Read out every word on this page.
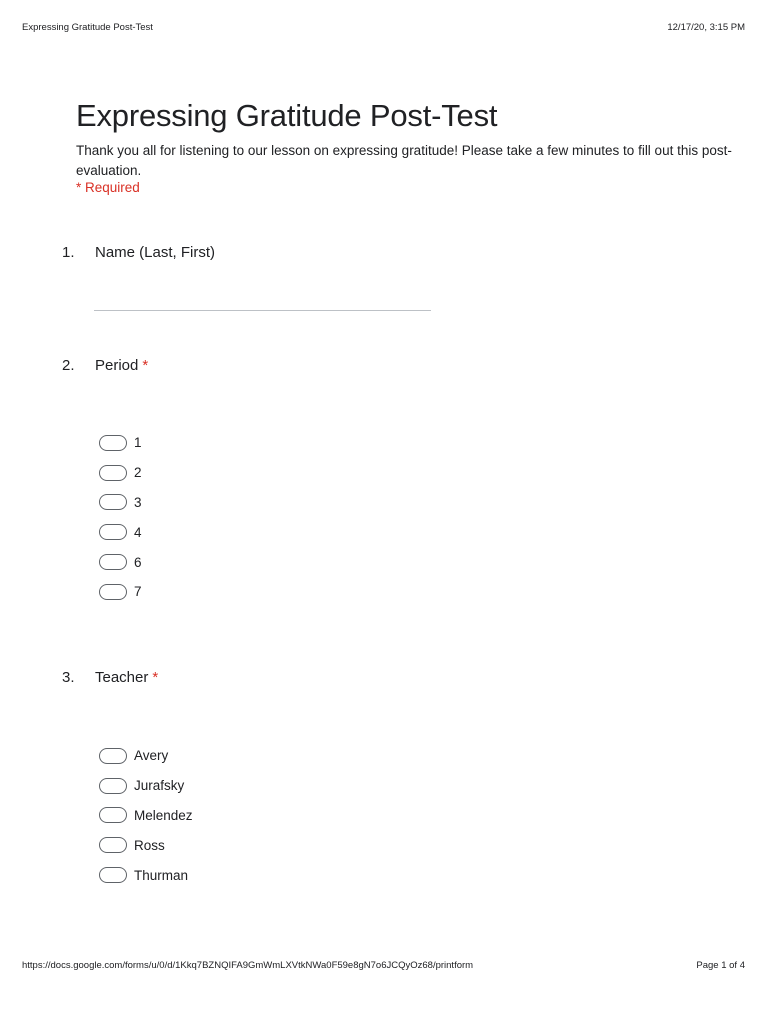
Expressing Gratitude Post-Test	12/17/20, 3:15 PM
Expressing Gratitude Post-Test

Thank you all for listening to our lesson on expressing gratitude! Please take a few minutes to fill out this post-evaluation.

* Required
1.	Name (Last, First)
2.	Period *
1
2
3
4
6
7
3.	Teacher *
Avery
Jurafsky
Melendez
Ross
Thurman
https://docs.google.com/forms/u/0/d/1Kkq7BZNQIFA9GmWmLXVtkNWa0F59e8gN7o6JCQyOz68/printform	Page 1 of 4
